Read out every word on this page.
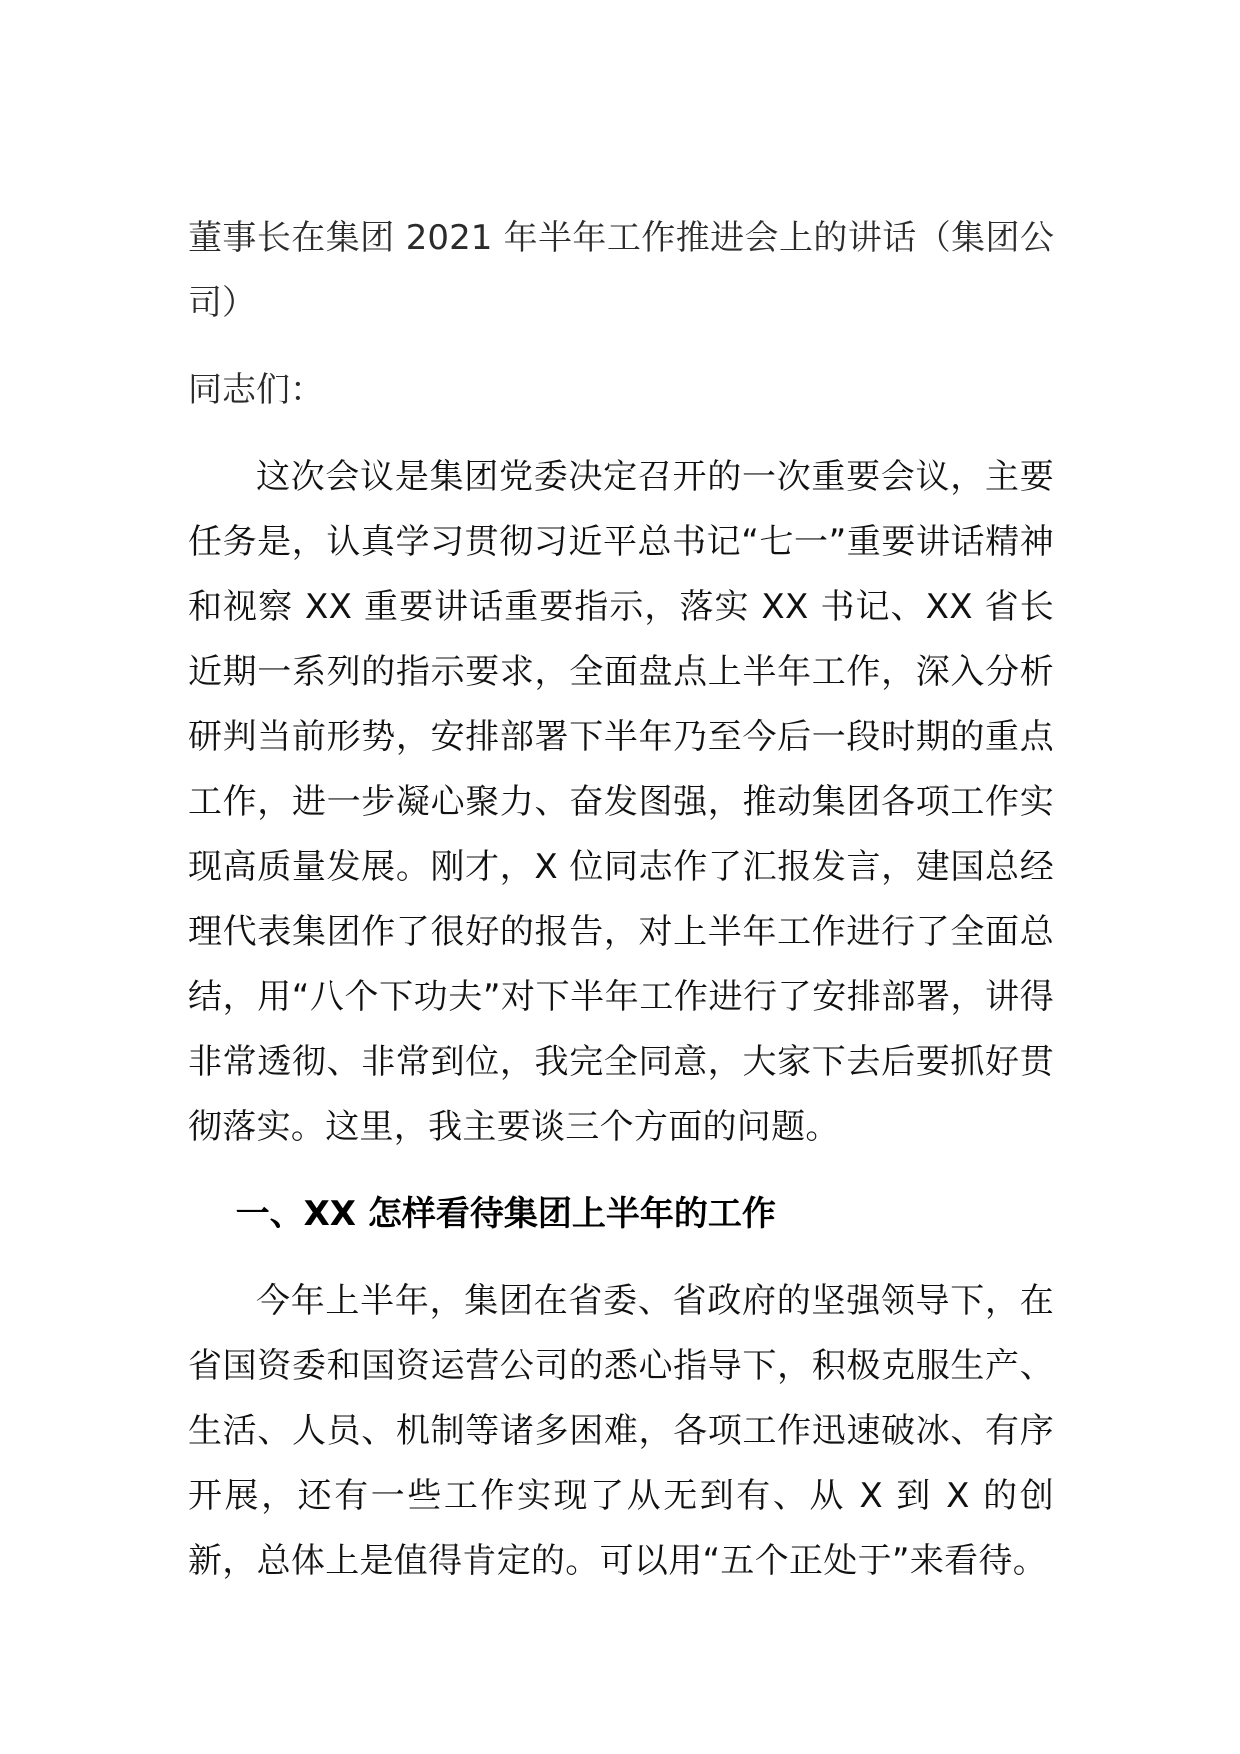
董事长在集团 2021 年半年工作推进会上的讲话（集团公司）

同志们：

这次会议是集团党委决定召开的一次重要会议，主要任务是，认真学习贯彻习近平总书记“七一”重要讲话精神和视察 XX 重要讲话重要指示，落实 XX 书记、XX 省长近期一系列的指示要求，全面盘点上半年工作，深入分析研判当前形势，安排部署下半年乃至今后一段时期的重点工作，进一步凝心聚力、奋发图强，推动集团各项工作实现高质量发展。刚才，X 位同志作了汇报发言，建国总经理代表集团作了很好的报告，对上半年工作进行了全面总结，用“八个下功夫”对下半年工作进行了安排部署，讲得非常透彻、非常到位，我完全同意，大家下去后要抓好贯彻落实。这里，我主要谈三个方面的问题。

一、XX 怎样看待集团上半年的工作

今年上半年，集团在省委、省政府的坚强领导下，在省国资委和国资运营公司的悉心指导下，积极克服生产、生活、人员、机制等诸多困难，各项工作迅速破冰、有序开展，还有一些工作实现了从无到有、从 X 到 X 的创新，总体上是值得肯定的。可以用“五个正处于”来看待。
